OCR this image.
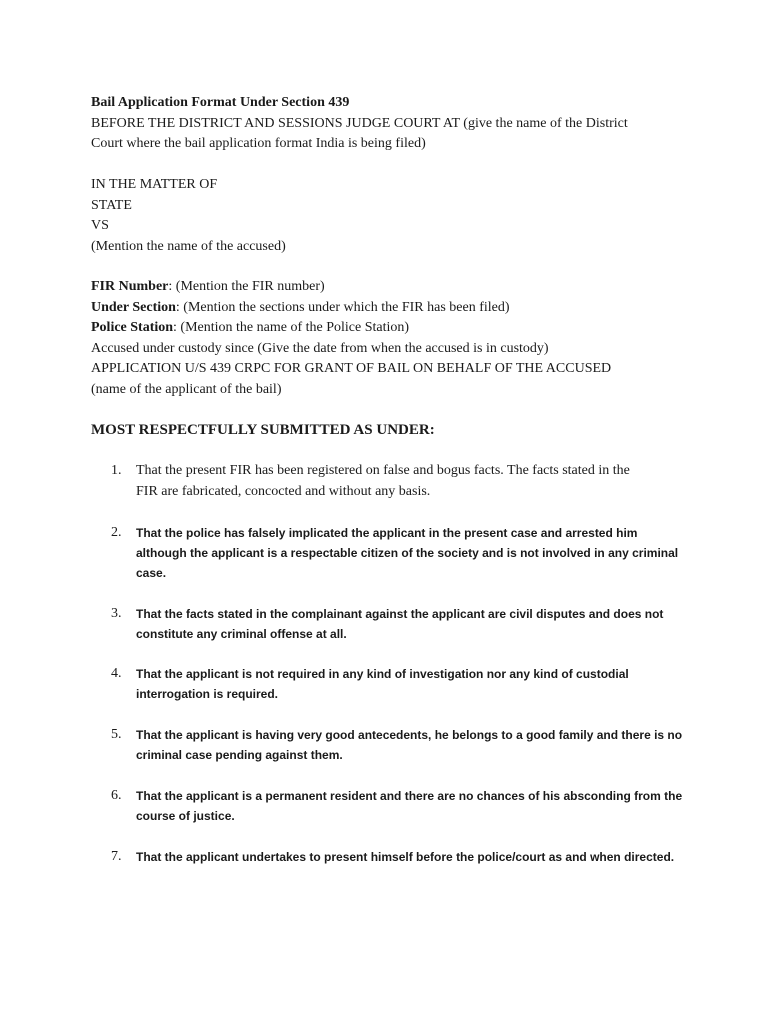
Bail Application Format Under Section 439
BEFORE THE DISTRICT AND SESSIONS JUDGE COURT AT (give the name of the District
Court where the bail application format India is being filed)
IN THE MATTER OF
STATE
VS
(Mention the name of the accused)
FIR Number: (Mention the FIR number)
Under Section: (Mention the sections under which the FIR has been filed)
Police Station: (Mention the name of the Police Station)
Accused under custody since (Give the date from when the accused is in custody)
APPLICATION U/S 439 CRPC FOR GRANT OF BAIL ON BEHALF OF THE ACCUSED
(name of the applicant of the bail)
MOST RESPECTFULLY SUBMITTED AS UNDER:
1.	That the present FIR has been registered on false and bogus facts. The facts stated in the
FIR are fabricated, concocted and without any basis.
2.	That the police has falsely implicated the applicant in the present case and arrested him
although the applicant is a respectable citizen of the society and is not involved in any criminal
case.
3.	That the facts stated in the complainant against the applicant are civil disputes and does not
constitute any criminal offense at all.
4.	That the applicant is not required in any kind of investigation nor any kind of custodial
interrogation is required.
5.	That the applicant is having very good antecedents, he belongs to a good family and there is no
criminal case pending against them.
6.	That the applicant is a permanent resident and there are no chances of his absconding from the
course of justice.
7.	That the applicant undertakes to present himself before the police/court as and when directed.
